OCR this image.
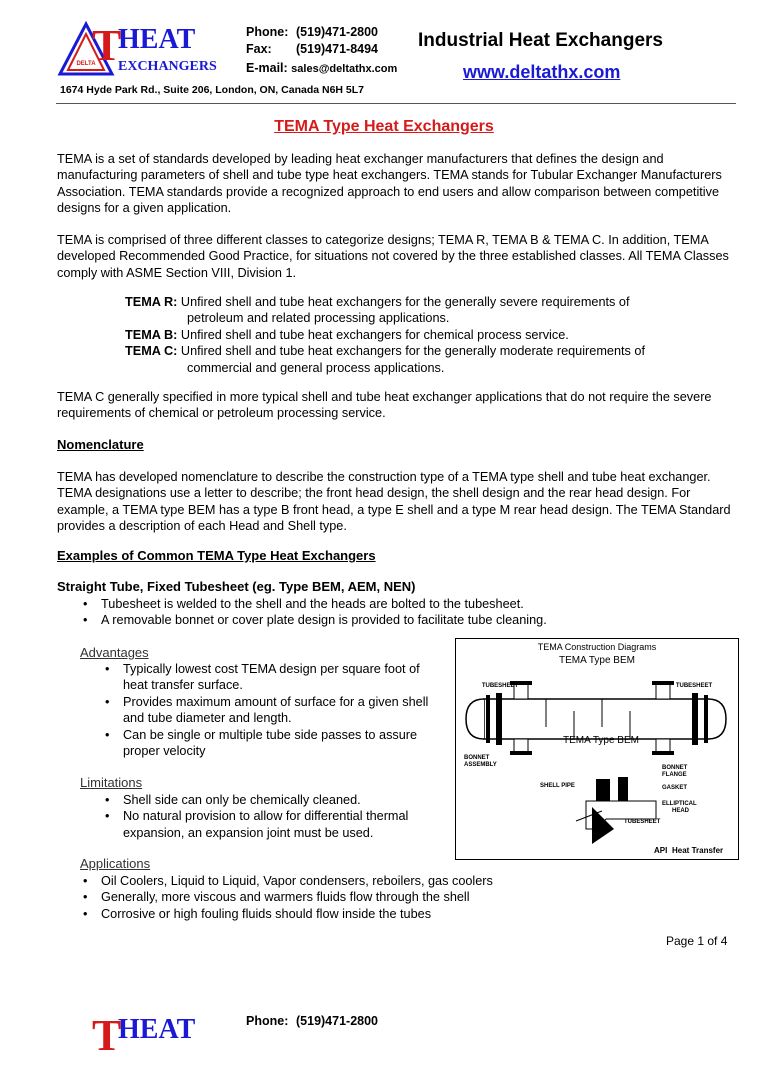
DELTA
T
HEAT
EXCHANGERS
Phone: (519)471-2800
Fax: (519)471-8494
E-mail: sales@deltathx.com
Industrial Heat Exchangers
www.deltathx.com
1674 Hyde Park Rd., Suite 206, London, ON, Canada N6H 5L7
TEMA Type Heat Exchangers
TEMA is a set of standards developed by leading heat exchanger manufacturers that defines the design and manufacturing parameters of shell and tube type heat exchangers. TEMA stands for Tubular Exchanger Manufacturers Association. TEMA standards provide a recognized approach to end users and allow comparison between competitive designs for a given application.
TEMA is comprised of three different classes to categorize designs; TEMA R, TEMA B & TEMA C. In addition, TEMA developed Recommended Good Practice, for situations not covered by the three established classes. All TEMA Classes comply with ASME Section VIII, Division 1.
TEMA R: Unfired shell and tube heat exchangers for the generally severe requirements of
petroleum and related processing applications.
TEMA B: Unfired shell and tube heat exchangers for chemical process service.
TEMA C: Unfired shell and tube heat exchangers for the generally moderate requirements of
commercial and general process applications.
TEMA C generally specified in more typical shell and tube heat exchanger applications that do not require the severe requirements of chemical or petroleum processing service.
Nomenclature
TEMA has developed nomenclature to describe the construction type of a TEMA type shell and tube heat exchanger. TEMA designations use a letter to describe; the front head design, the shell design and the rear head design. For example, a TEMA type BEM has a type B front head, a type E shell and a type M rear head design. The TEMA Standard provides a description of each Head and Shell type.
Examples of Common TEMA Type Heat Exchangers
Straight Tube, Fixed Tubesheet (eg. Type BEM, AEM, NEN)
• Tubesheet is welded to the shell and the heads are bolted to the tubesheet.
• A removable bonnet or cover plate design is provided to facilitate tube cleaning.
Advantages
• Typically lowest cost TEMA design per square foot of heat transfer surface.
• Provides maximum amount of surface for a given shell and tube diameter and length.
• Can be single or multiple tube side passes to assure proper velocity
Limitations
• Shell side can only be chemically cleaned.
• No natural provision to allow for differential thermal expansion, an expansion joint must be used.
Applications
• Oil Coolers, Liquid to Liquid, Vapor condensers, reboilers, gas coolers
• Generally, more viscous and warmers fluids flow through the shell
• Corrosive or high fouling fluids should flow inside the tubes
TEMA Construction Diagrams
TEMA Type BEM
TEMA Type BEM
TUBESHEET	TUBESHEET
BONNET
ASSEMBLY
SHELL PIPE
BONNET
FLANGE
GASKET
ELLIPTICAL
HEAD
TUBESHEET
API Heat Transfer
Page 1 of 4
T
HEAT	Phone: (519)471-2800
